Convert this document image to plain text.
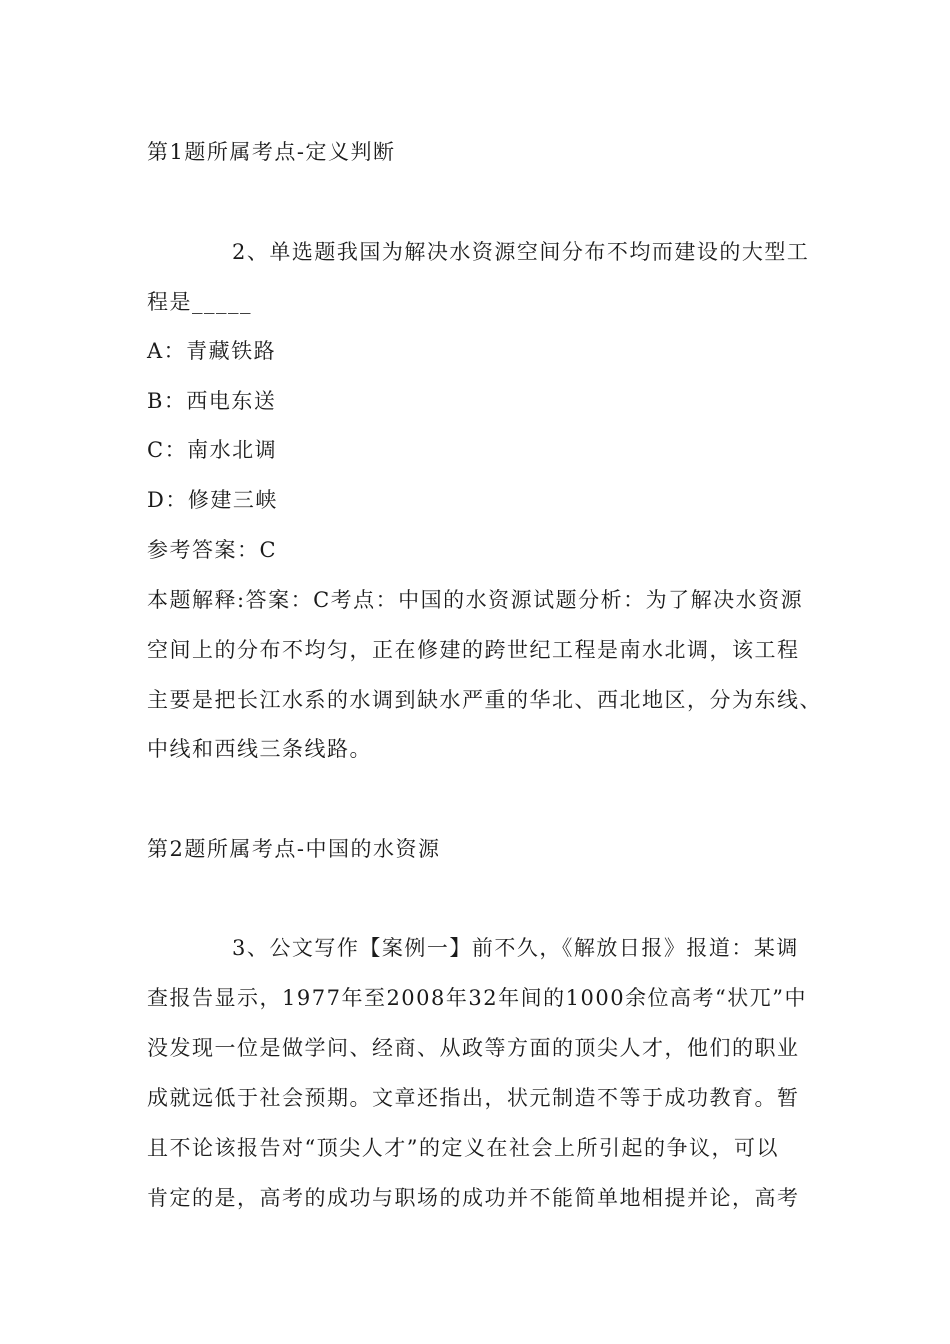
第1题所属考点-定义判断
2、单选题我国为解决水资源空间分布不均而建设的大型工
程是_____
A：青藏铁路
B：西电东送
C：南水北调
D：修建三峡
参考答案：C
本题解释:答案：C考点：中国的水资源试题分析：为了解决水资源
空间上的分布不均匀，正在修建的跨世纪工程是南水北调，该工程
主要是把长江水系的水调到缺水严重的华北、西北地区，分为东线、
中线和西线三条线路。
第2题所属考点-中国的水资源
3、公文写作【案例一】前不久，《解放日报》报道：某调
查报告显示，1977年至2008年32年间的1000余位高考“状兀”中
没发现一位是做学问、经商、从政等方面的顶尖人才，他们的职业
成就远低于社会预期。文章还指出，状元制造不等于成功教育。暂
且不论该报告对“顶尖人才”的定义在社会上所引起的争议，可以
肯定的是，高考的成功与职场的成功并不能简单地相提并论，高考
